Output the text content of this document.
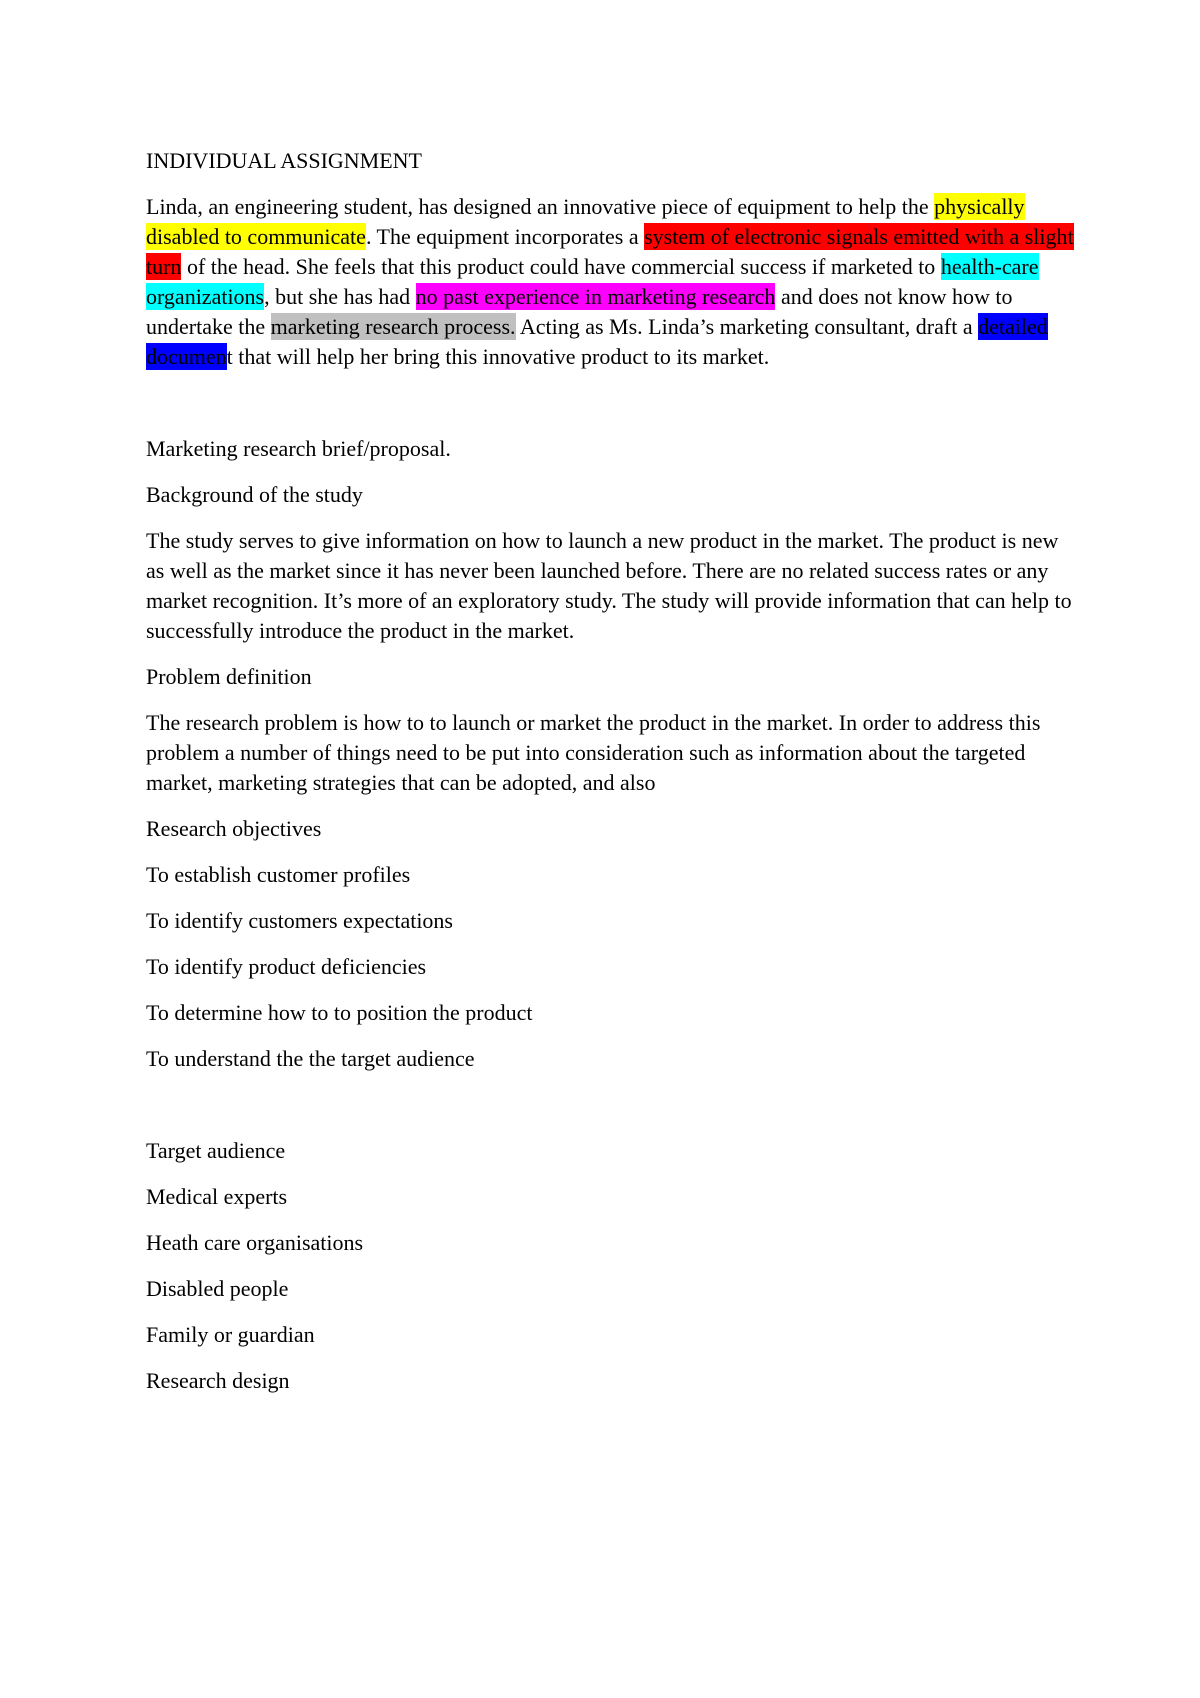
INDIVIDUAL ASSIGNMENT

Linda, an engineering student, has designed an innovative piece of equipment to help the physically disabled to communicate. The equipment incorporates a system of electronic signals emitted with a slight turn of the head. She feels that this product could have commercial success if marketed to health-care organizations, but she has had no past experience in marketing research and does not know how to undertake the marketing research process. Acting as Ms. Linda’s marketing consultant, draft a detailed document that will help her bring this innovative product to its market.

Marketing research brief/proposal.

Background of the study

The study serves to give information on how to launch a new product in the market. The product is new as well as the market since it has never been launched before. There are no related success rates or any market recognition. It’s more of an exploratory study. The study will provide information that can help to successfully introduce the product in the market.

Problem definition

The research problem is how to to launch or market the product in the market. In order to address this problem a number of things need to be put into consideration such as information about the targeted market, marketing strategies that can be adopted, and also

Research objectives

To establish customer profiles

To identify customers expectations

To identify product deficiencies

To determine how to to position the product

To understand the the target audience

Target audience

Medical experts

Heath care organisations

Disabled people

Family or guardian

Research design
